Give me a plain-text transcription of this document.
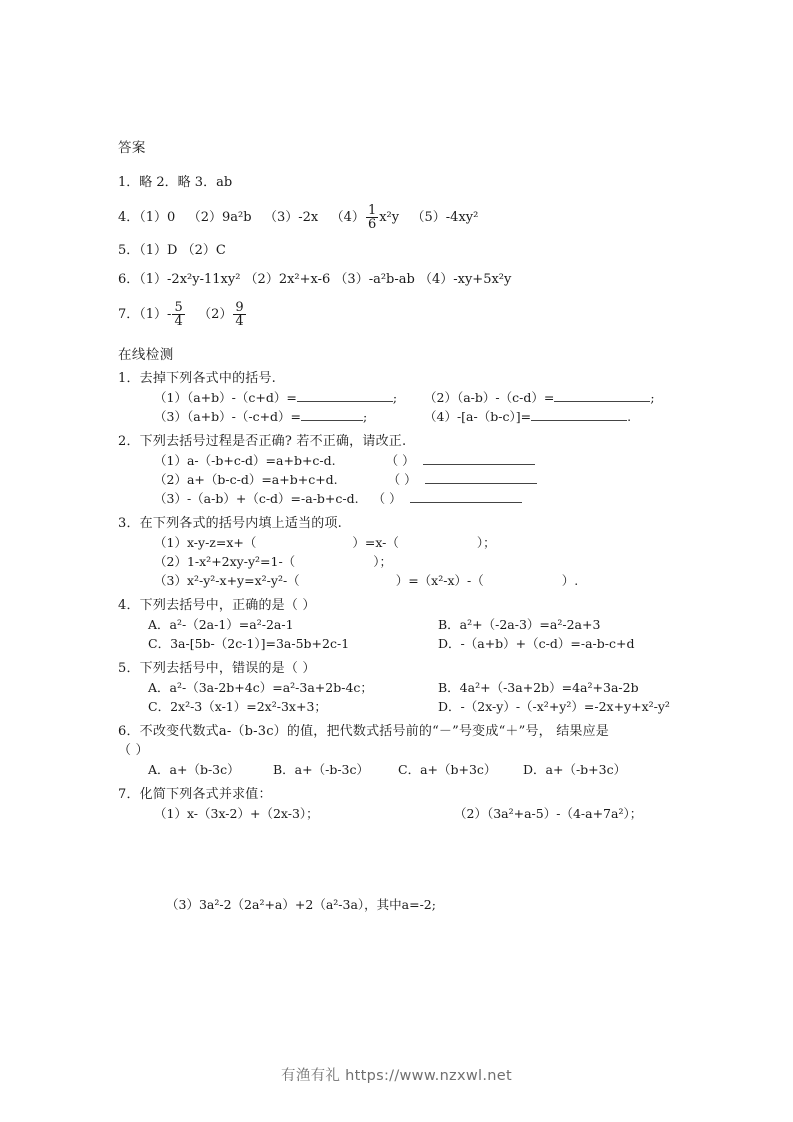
答案

1．略 2．略 3．ab

4．（1）0 （2）9a²b （3）-2x $(4) \frac{1}{6} x^2y$ （5）-4xy²

5．（1）D （2）C

6．（1）-2x²y-11xy² （2）2x²+x-6 （3）-a²b-ab （4）-xy+5x²y

7．$(1)- \frac{5}{4} (2) \frac{9}{4}$

在线检测

1．去掉下列各式中的括号.

（1）（a+b）-（c+d）=	;	（2）（a-b）-（c-d）=	;
（3）（a+b）-（-c+d）=	;	（4）-[a-（b-c）]=	.

2．下列去括号过程是否正确? 若不正确，请改正.

（1）a-（-b+c-d）=a+b+c-d.	（ ）

（2）a+（b-c-d）=a+b+c+d.	（ ）

（3）-（a-b）+（c-d）=-a-b+c-d. （ ）

3．在下列各式的括号内填上适当的项.

（1）x-y-z=x+（	）=x-（	）；

（2）1-x²+2xy-y²=1-（	）；

（3）x²-y²-x+y=x²-y²-（	）=（x²-x）-（	）.

4．下列去括号中，正确的是（ ）

A．a²-（2a-1）=a²-2a-1	B．a²+（-2a-3）=a²-2a+3
C．3a-[5b-（2c-1）]=3a-5b+2c-1	D．-（a+b）+（c-d）=-a-b-c+d

5．下列去括号中，错误的是（ ）

A．a²-（3a-2b+4c）=a²-3a+2b-4c；	B．4a²+（-3a+2b）=4a²+3a-2b
C．2x²-3（x-1）=2x²-3x+3；	D．-（2x-y）-（-x²+y²）=-2x+y+x²-y²

6．不改变代数式a-（b-3c）的值，把代数式括号前的“－”号变成“＋”号， 结果应是

（ ）

A．a+（b-3c）	B．a+（-b-3c）	C．a+（b+3c）	D．a+（-b+3c）

7．化简下列各式并求值：

（1）x-（3x-2）+（2x-3）；	（2）（3a²+a-5）-（4-a+7a²）；

（3）3a²-2（2a²+a）+2（a²-3a），其中a=-2;

有渔有礼 https://www.nzxwl.net
